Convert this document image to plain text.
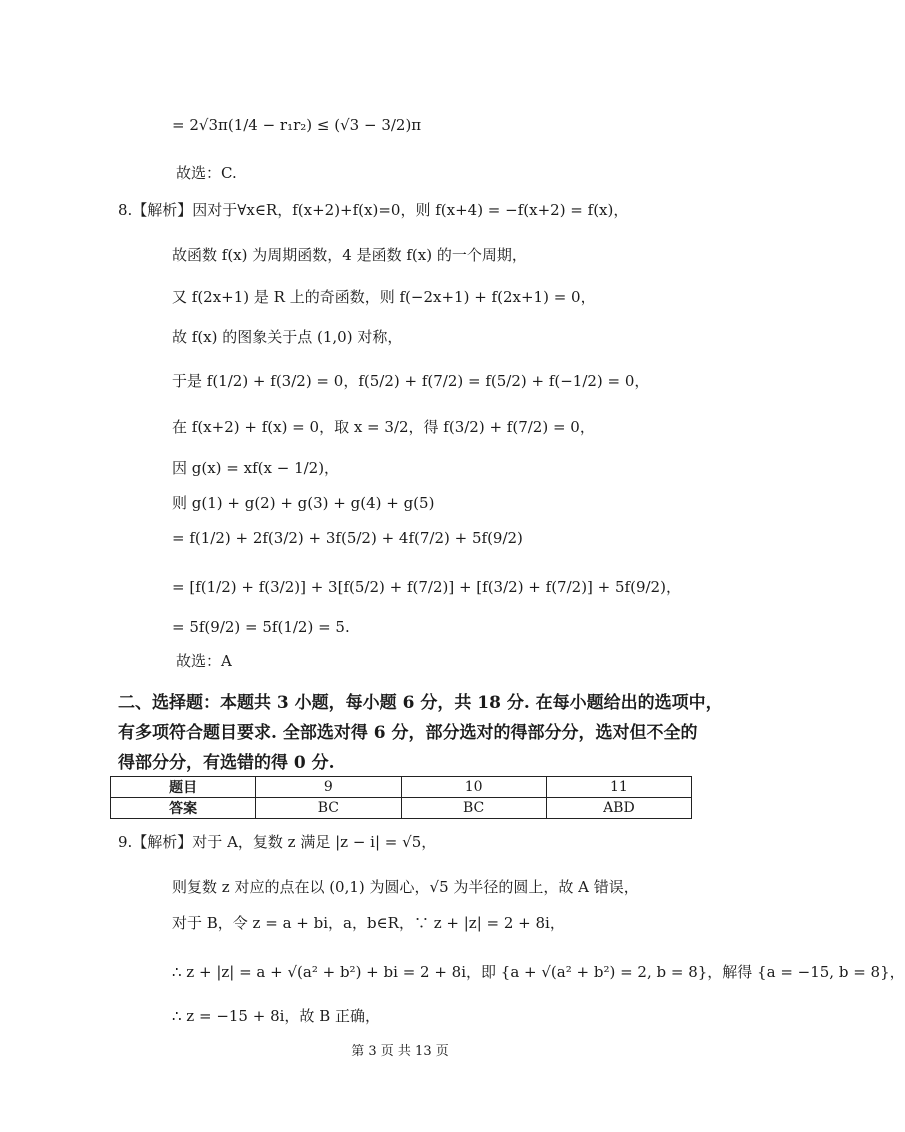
= 2√3π(1/4 − r₁r₂) ≤ (√3 − 3/2)π
故选：C.
8.【解析】因对于∀x∈R，f(x+2)+f(x)=0，则 f(x+4) = −f(x+2) = f(x)，
故函数 f(x) 为周期函数，4 是函数 f(x) 的一个周期，
又 f(2x+1) 是 R 上的奇函数，则 f(−2x+1) + f(2x+1) = 0，
故 f(x) 的图象关于点 (1,0) 对称，
于是 f(1/2) + f(3/2) = 0，f(5/2) + f(7/2) = f(5/2) + f(−1/2) = 0，
在 f(x+2) + f(x) = 0，取 x = 3/2，得 f(3/2) + f(7/2) = 0，
因 g(x) = xf(x − 1/2)，
则 g(1) + g(2) + g(3) + g(4) + g(5)
= f(1/2) + 2f(3/2) + 3f(5/2) + 4f(7/2) + 5f(9/2)
= [f(1/2) + f(3/2)] + 3[f(5/2) + f(7/2)] + [f(3/2) + f(7/2)] + 5f(9/2)，
= 5f(9/2) = 5f(1/2) = 5.
故选：A
二、选择题：本题共 3 小题，每小题 6 分，共 18 分. 在每小题给出的选项中，
有多项符合题目要求. 全部选对得 6 分，部分选对的得部分分，选对但不全的
得部分分，有选错的得 0 分.
题目	9	10	11
答案	BC	BC	ABD
9.【解析】对于 A，复数 z 满足 |z − i| = √5，
则复数 z 对应的点在以 (0,1) 为圆心，√5 为半径的圆上，故 A 错误，
对于 B，令 z = a + bi，a，b∈R，∵ z + |z| = 2 + 8i，
∴ z + |z| = a + √(a² + b²) + bi = 2 + 8i，即 {a + √(a² + b²) = 2, b = 8}，解得 {a = −15, b = 8}，
∴ z = −15 + 8i，故 B 正确，
第 3 页 共 13 页
